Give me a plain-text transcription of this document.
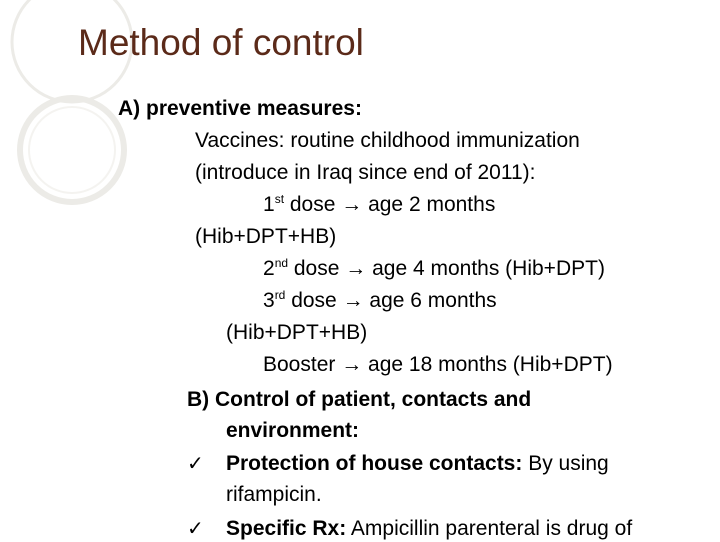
Method of control
A) preventive measures:
Vaccines: routine childhood immunization
(introduce in Iraq since end of 2011):
1st dose → age 2 months
(Hib+DPT+HB)
2nd dose → age 4 months (Hib+DPT)
3rd dose → age 6 months
(Hib+DPT+HB)
Booster → age 18 months (Hib+DPT)
B) Control of patient, contacts and
environment:
✓ Protection of house contacts: By using
rifampicin.
✓ Specific Rx: Ampicillin parenteral is drug of
